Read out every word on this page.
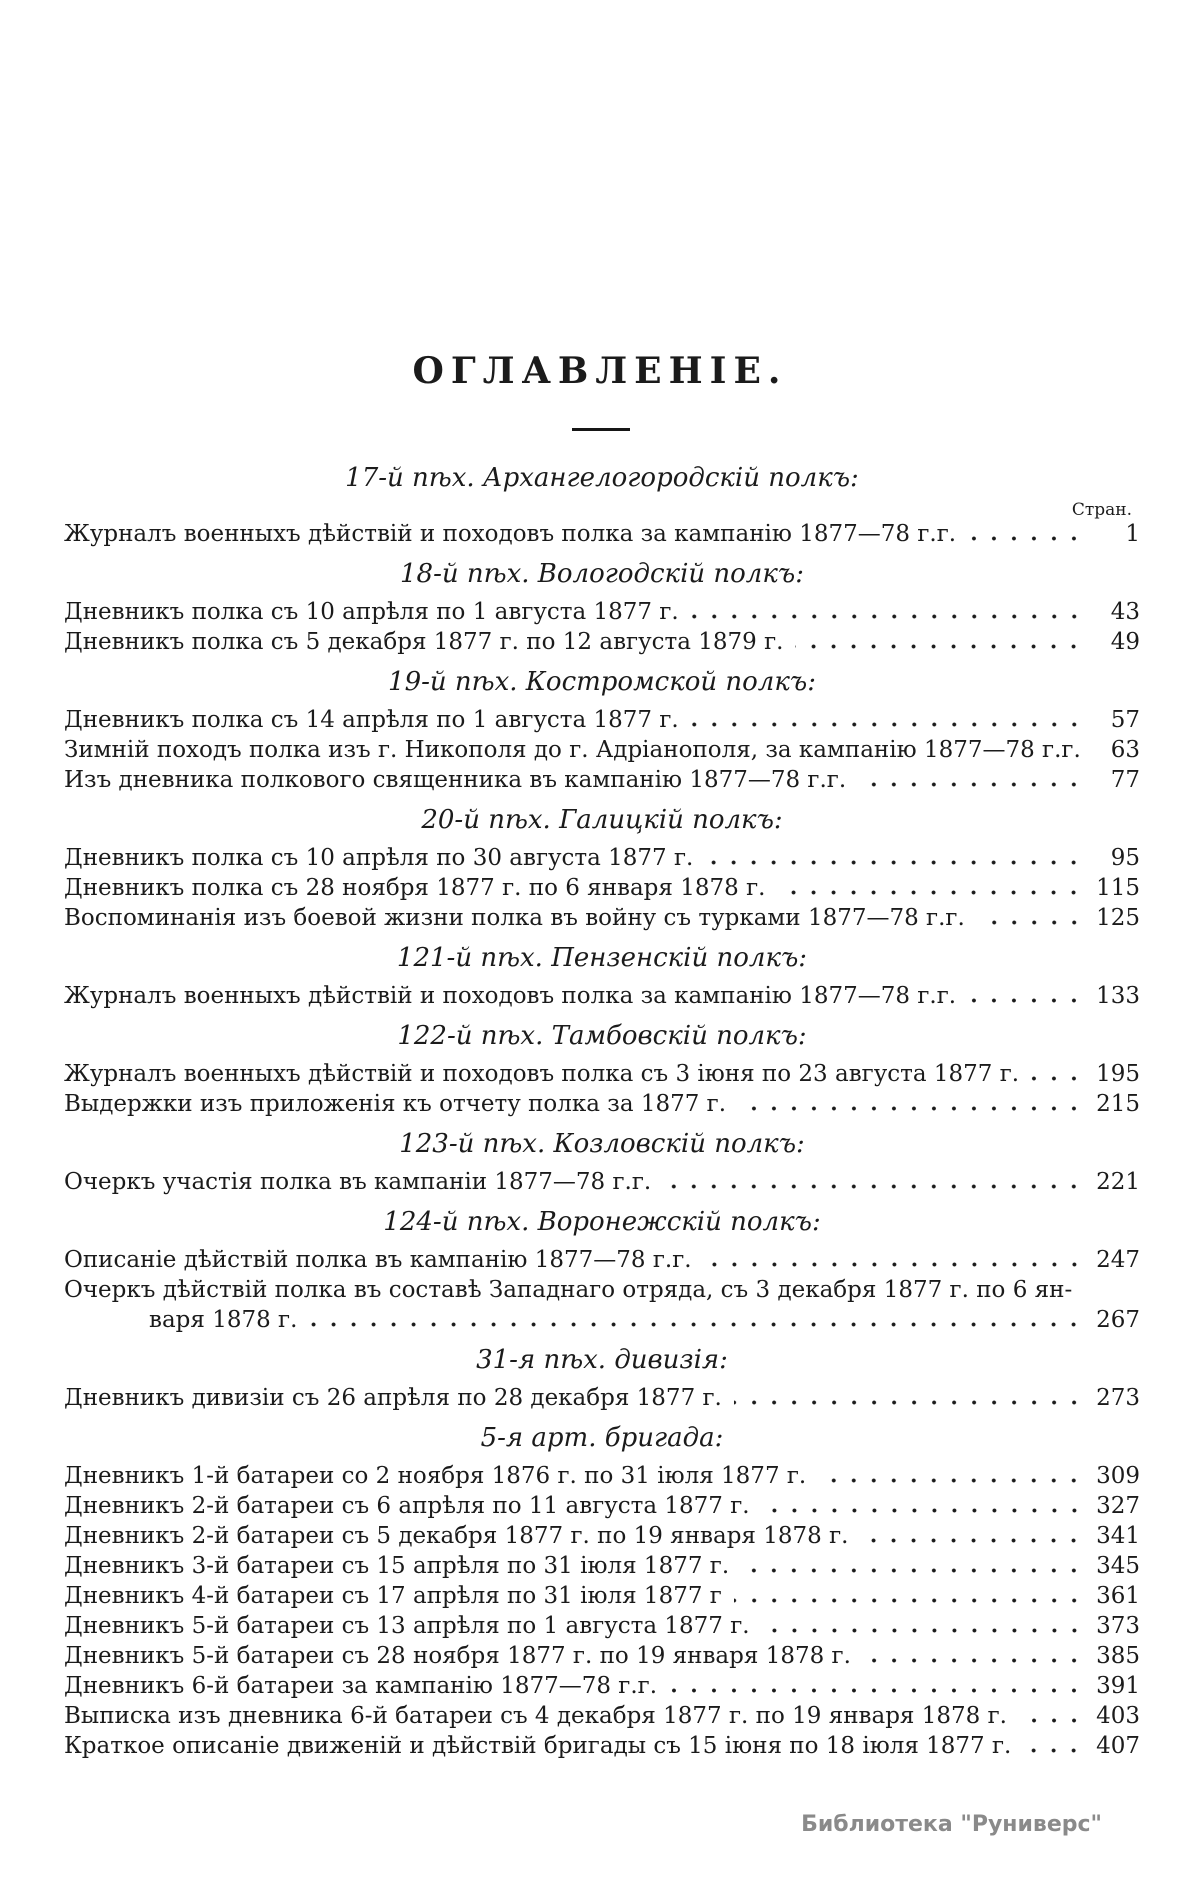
ОГЛАВЛЕНІЕ.
17-й пѣх. Архангелогородскій полкъ:
Стран.
Журналъ военныхъ дѣйствій и походовъ полка за кампанію 1877—78 г.г.	1
18-й пѣх. Вологодскій полкъ:
Дневникъ полка съ 10 апрѣля по 1 августа 1877 г.	43
Дневникъ полка съ 5 декабря 1877 г. по 12 августа 1879 г.	49
19-й пѣх. Костромской полкъ:
Дневникъ полка съ 14 апрѣля по 1 августа 1877 г.	57
Зимній походъ полка изъ г. Никополя до г. Адріанополя, за кампанію 1877—78 г.г.	63
Изъ дневника полкового священника въ кампанію 1877—78 г.г.	77
20-й пѣх. Галицкій полкъ:
Дневникъ полка съ 10 апрѣля по 30 августа 1877 г.	95
Дневникъ полка съ 28 ноября 1877 г. по 6 января 1878 г.	115
Воспоминанія изъ боевой жизни полка въ войну съ турками 1877—78 г.г.	125
121-й пѣх. Пензенскій полкъ:
Журналъ военныхъ дѣйствій и походовъ полка за кампанію 1877—78 г.г.	133
122-й пѣх. Тамбовскій полкъ:
Журналъ военныхъ дѣйствій и походовъ полка съ 3 іюня по 23 августа 1877 г.	195
Выдержки изъ приложенія къ отчету полка за 1877 г.	215
123-й пѣх. Козловскій полкъ:
Очеркъ участія полка въ кампаніи 1877—78 г.г.	221
124-й пѣх. Воронежскій полкъ:
Описаніе дѣйствій полка въ кампанію 1877—78 г.г.	247
Очеркъ дѣйствій полка въ составѣ Западнаго отряда, съ 3 декабря 1877 г. по 6 ян-
варя 1878 г.	267
31-я пѣх. дивизія:
Дневникъ дивизіи съ 26 апрѣля по 28 декабря 1877 г.	273
5-я арт. бригада:
Дневникъ 1-й батареи со 2 ноября 1876 г. по 31 іюля 1877 г.	309
Дневникъ 2-й батареи съ 6 апрѣля по 11 августа 1877 г.	327
Дневникъ 2-й батареи съ 5 декабря 1877 г. по 19 января 1878 г.	341
Дневникъ 3-й батареи съ 15 апрѣля по 31 іюля 1877 г.	345
Дневникъ 4-й батареи съ 17 апрѣля по 31 іюля 1877 г	361
Дневникъ 5-й батареи съ 13 апрѣля по 1 августа 1877 г.	373
Дневникъ 5-й батареи съ 28 ноября 1877 г. по 19 января 1878 г.	385
Дневникъ 6-й батареи за кампанію 1877—78 г.г.	391
Выписка изъ дневника 6-й батареи съ 4 декабря 1877 г. по 19 января 1878 г.	403
Краткое описаніе движеній и дѣйствій бригады съ 15 іюня по 18 іюля 1877 г.	407
Библиотека "Руниверс"
